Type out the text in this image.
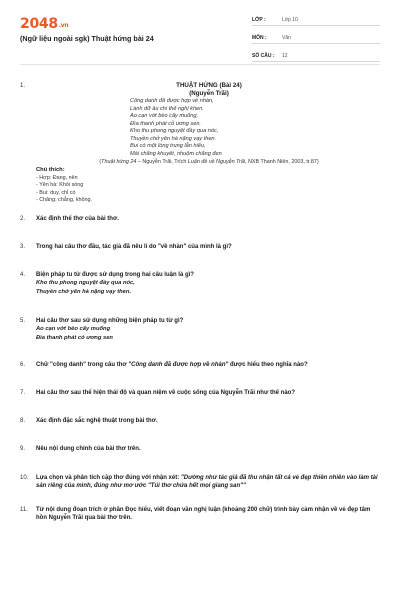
2048.vn
(Ngữ liệu ngoài sgk) Thuật hứng bài 24
LỚP :	Lớp 10
MÔN :	Văn
SỐ CÂU :	12
1.	THUẬT HỨNG (Bài 24)
(Nguyễn Trãi)
Công danh đã được hợp về nhàn,
Lành dữ âu chi thế nghị khen.
Ao cạn vớt bèo cấy muống,
Đìa thanh phát cỏ ương sen.
Kho thu phong nguyệt đầy qua nóc,
Thuyền chở yên hà nặng vạy then.
Bui có một lòng trung lẫn hiếu,
Mài chăng khuyết, nhuộm chăng đen
(Thuật hứng 24 – Nguyễn Trãi, Trích Luận đề về Nguyễn Trãi, NXB Thanh Niên, 2003, tr.87)
Chú thích:
- Hợp: Đang, nên
- Yên hà: Khói sóng
- Bui: duy, chỉ có
- Chăng: chẳng, không.
2. Xác định thể thơ của bài thơ.
3. Trong hai câu thơ đầu, tác giả đã nêu lí do "về nhàn" của mình là gì?
4. Biện pháp tu từ được sử dụng trong hai câu luận là gì?
Kho thu phong nguyệt đầy qua nóc,
Thuyền chở yên hà nặng vạy then.
5. Hai câu thơ sau sử dụng những biện pháp tu từ gì?
Ao cạn vớt bèo cấy muống
Đìa thanh phát cỏ ương sen
6. Chữ "công danh" trong câu thơ "Công danh đã được hợp về nhàn" được hiểu theo nghĩa nào?
7. Hai câu thơ sau thể hiện thái độ và quan niệm về cuộc sống của Nguyễn Trãi như thế nào?
8. Xác định đặc sắc nghệ thuật trong bài thơ.
9. Nêu nội dung chính của bài thơ trên.
10. Lựa chọn và phân tích cặp thơ đúng với nhận xét: "Dường như tác giả đã thu nhận tất cả vẻ đẹp thiên nhiên vào làm tài sản riêng của mình, đúng như mơ ước "Túi thơ chứa hết mọi giang san""
11. Từ nội dung đoạn trích ở phần Đọc hiểu, viết đoạn văn nghị luận (khoảng 200 chữ) trình bày cảm nhận về vẻ đẹp tâm hồn Nguyễn Trãi qua bài thơ trên.
